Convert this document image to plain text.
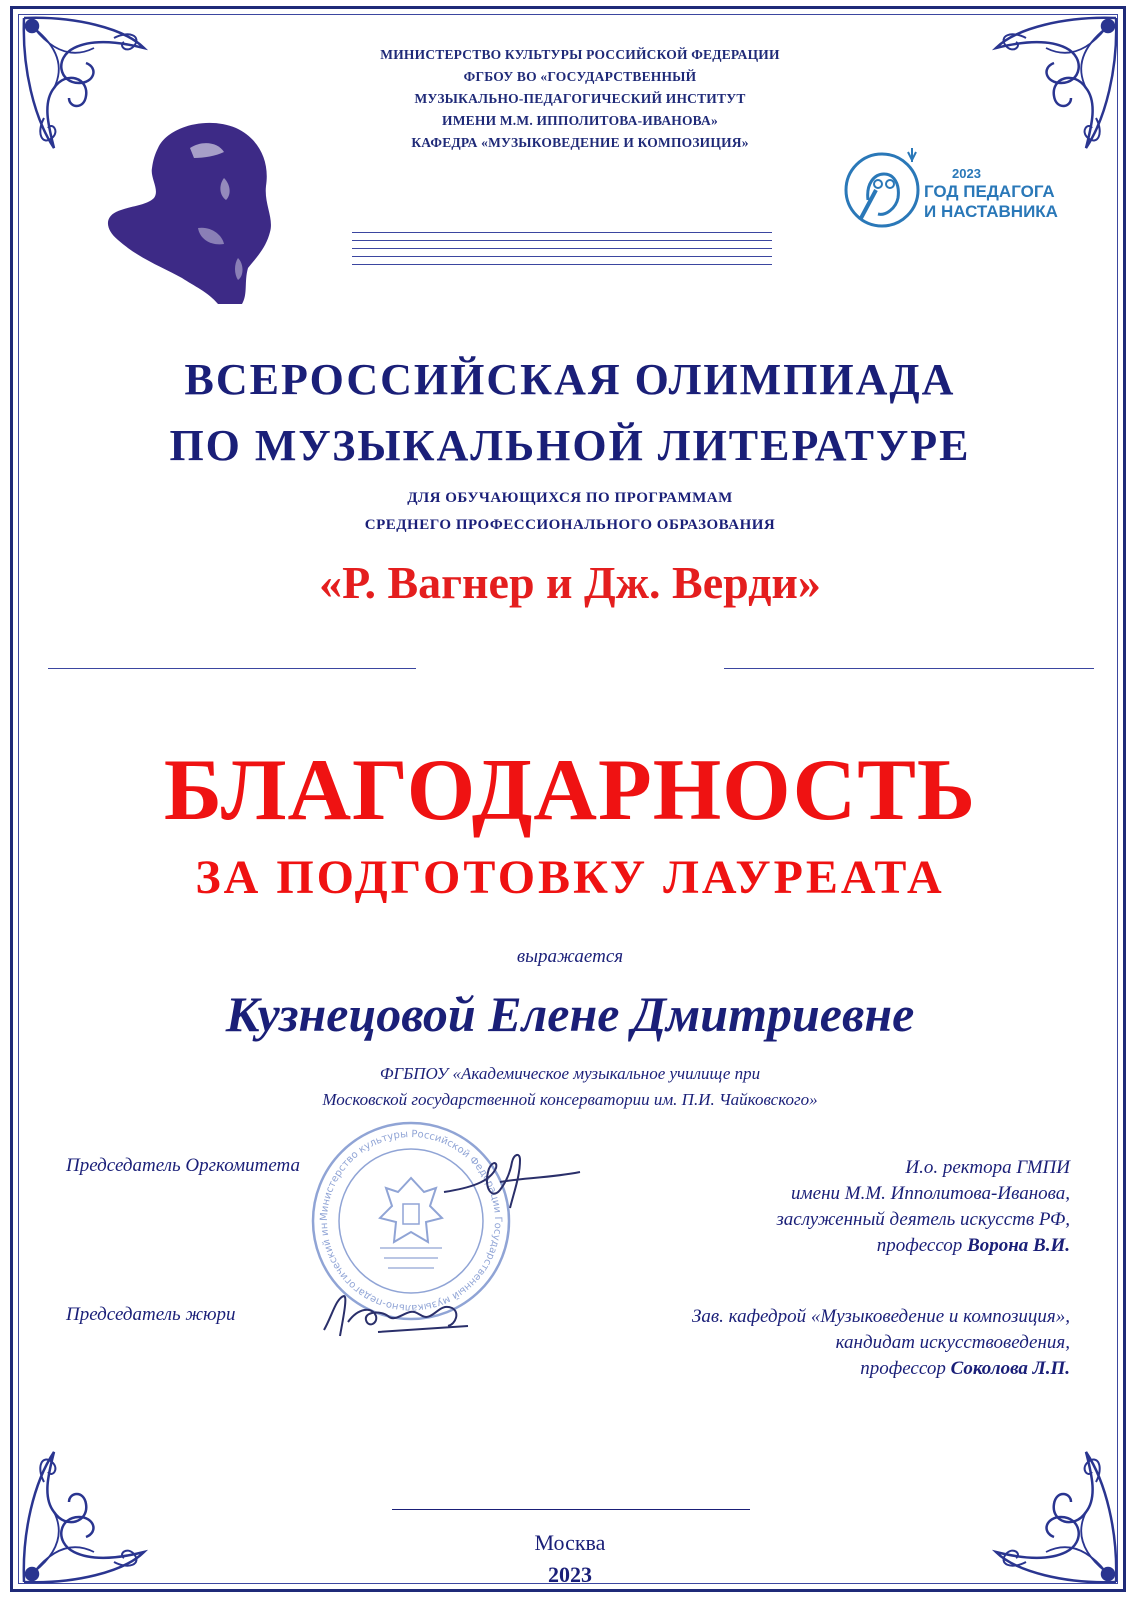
МИНИСТЕРСТВО КУЛЬТУРЫ РОССИЙСКОЙ ФЕДЕРАЦИИ
ФГБОУ ВО «ГОСУДАРСТВЕННЫЙ
МУЗЫКАЛЬНО-ПЕДАГОГИЧЕСКИЙ ИНСТИТУТ
ИМЕНИ М.М. ИППОЛИТОВА-ИВАНОВА»
КАФЕДРА «МУЗЫКОВЕДЕНИЕ И КОМПОЗИЦИЯ»
2023
ГОД ПЕДАГОГА
И НАСТАВНИКА
ВСЕРОССИЙСКАЯ ОЛИМПИАДА
ПО МУЗЫКАЛЬНОЙ ЛИТЕРАТУРЕ
ДЛЯ ОБУЧАЮЩИХСЯ ПО ПРОГРАММАМ
СРЕДНЕГО ПРОФЕССИОНАЛЬНОГО ОБРАЗОВАНИЯ
«Р. Вагнер и Дж. Верди»
БЛАГОДАРНОСТЬ
ЗА ПОДГОТОВКУ ЛАУРЕАТА
выражается
Кузнецовой Елене Дмитриевне
ФГБПОУ «Академическое музыкальное училище при
Московской государственной консерватории им. П.И. Чайковского»
Министерство культуры Российской Федерации Государственный музыкально-педагогический ин
Председатель Оргкомитета
Председатель жюри
И.о. ректора ГМПИ
имени М.М. Ипполитова-Иванова,
заслуженный деятель искусств РФ,
профессор Ворона В.И.
Зав. кафедрой «Музыковедение и композиция»,
кандидат искусствоведения,
профессор Соколова Л.П.
Москва
2023
